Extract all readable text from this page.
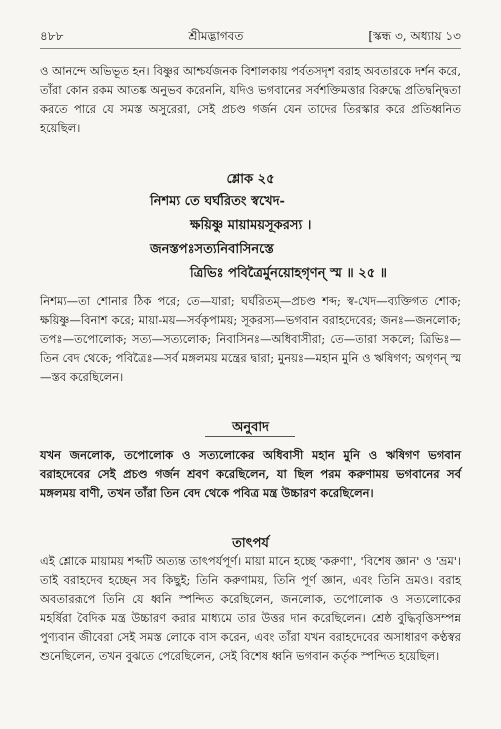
৪৮৮	শ্রীমদ্ভাগবত	[স্কন্ধ ৩, অধ্যায় ১৩
ও আনন্দে অভিভূত হন। বিষ্ণুর আশ্চর্যজনক বিশালকায় পর্বতসদৃশ বরাহ অবতারকে দর্শন করে, তাঁরা কোন রকম আতঙ্ক অনুভব করেননি, যদিও ভগবানের সর্বশক্তিমত্তার বিরুদ্ধে প্রতিদ্বন্দ্বিতা করতে পারে যে সমস্ত অসুরেরা, সেই প্রচণ্ড গর্জন যেন তাদের তিরস্কার করে প্রতিধ্বনিত হয়েছিল।
শ্লোক ২৫
নিশম্য তে ঘর্ঘরিতং স্বখেদ-
ক্ষয়িষ্ণু মায়াময়সূকরস্য ।
জনস্তপঃসত্যনিবাসিনস্তে
ত্রিভিঃ পবিত্রৈর্মুনয়োহগৃণন্ স্ম ॥ ২৫ ॥
নিশম্য—তা শোনার ঠিক পরে; তে—যারা; ঘর্ঘরিতম্—প্রচণ্ড শব্দ; স্ব-খেদ—ব্যক্তিগত শোক; ক্ষয়িষ্ণু—বিনাশ করে; মায়া-ময়—সর্বকৃপাময়; সূকরস্য—ভগবান বরাহদেবের; জনঃ—জনলোক; তপঃ—তপোলোক; সত্য—সত্যলোক; নিবাসিনঃ—অধিবাসীরা; তে—তারা সকলে; ত্রিভিঃ—তিন বেদ থেকে; পবিত্রৈঃ—সর্ব মঙ্গলময় মন্ত্রের দ্বারা; মুনয়ঃ—মহান মুনি ও ঋষিগণ; অগৃণন্ স্ম—স্তব করেছিলেন।
অনুবাদ
যখন জনলোক, তপোলোক ও সত্যলোকের অধিবাসী মহান মুনি ও ঋষিগণ ভগবান বরাহদেবের সেই প্রচণ্ড গর্জন শ্রবণ করেছিলেন, যা ছিল পরম করুণাময় ভগবানের সর্ব মঙ্গলময় বাণী, তখন তাঁরা তিন বেদ থেকে পবিত্র মন্ত্র উচ্চারণ করেছিলেন।
তাৎপর্য
এই শ্লোকে মায়াময় শব্দটি অত্যন্ত তাৎপর্যপূর্ণ। মায়া মানে হচ্ছে 'করুণা', 'বিশেষ জ্ঞান' ও 'ভ্রম'। তাই বরাহদেব হচ্ছেন সব কিছুই; তিনি করুণাময়, তিনি পূর্ণ জ্ঞান, এবং তিনি ভ্রমও। বরাহ অবতাররূপে তিনি যে ধ্বনি স্পন্দিত করেছিলেন, জনলোক, তপোলোক ও সত্যলোকের মহর্ষিরা বৈদিক মন্ত্র উচ্চারণ করার মাধ্যমে তার উত্তর দান করেছিলেন। শ্রেষ্ঠ বুদ্ধিবৃত্তিসম্পন্ন পুণ্যবান জীবেরা সেই সমস্ত লোকে বাস করেন, এবং তাঁরা যখন বরাহদেবের অসাধারণ কণ্ঠস্বর শুনেছিলেন, তখন বুঝতে পেরেছিলেন, সেই বিশেষ ধ্বনি ভগবান কর্তৃক স্পন্দিত হয়েছিল।
